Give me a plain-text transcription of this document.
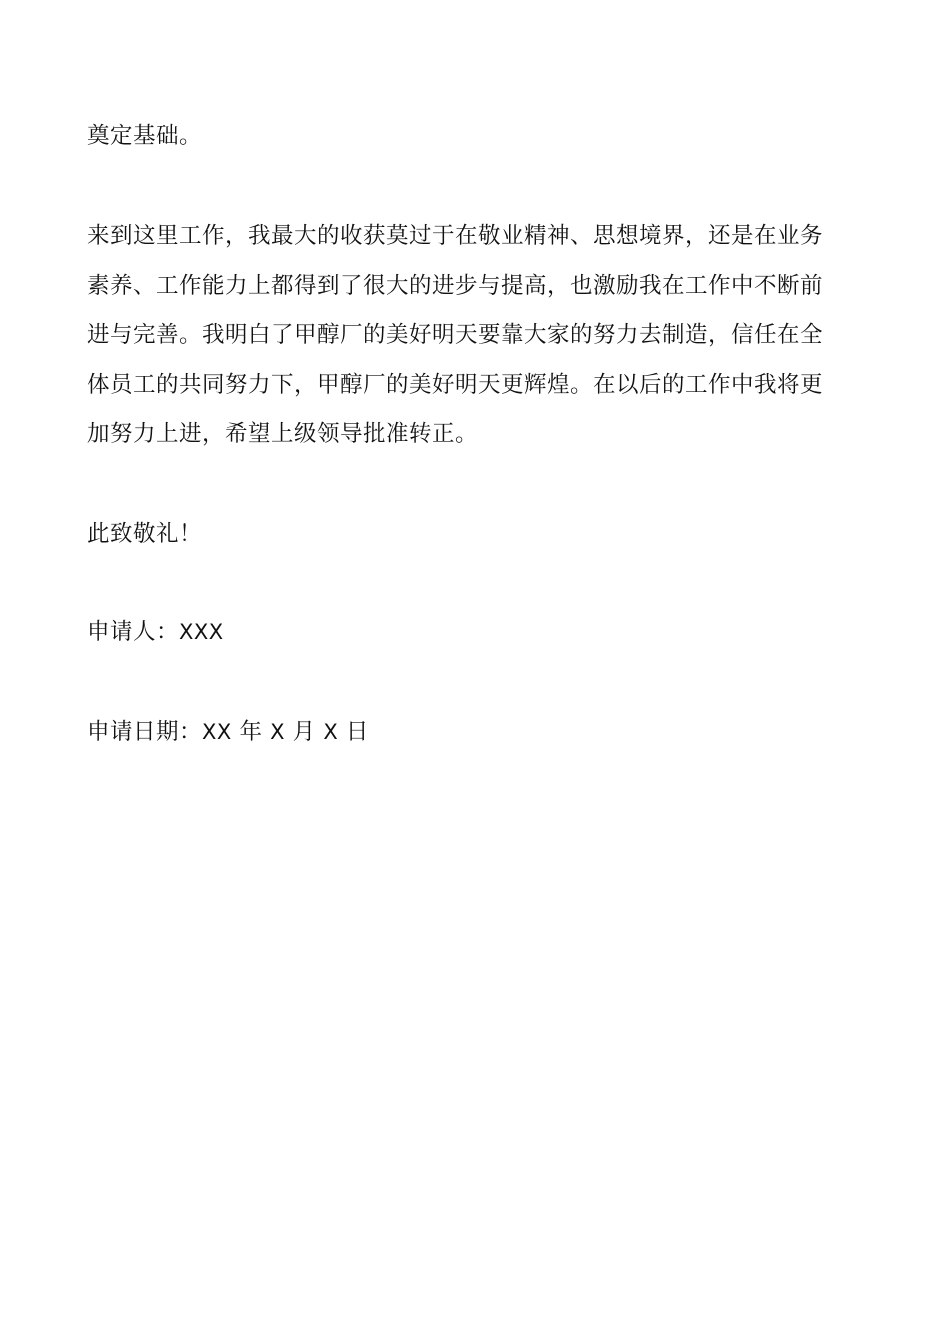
奠定基础。

来到这里工作，我最大的收获莫过于在敬业精神、思想境界，还是在业务
素养、工作能力上都得到了很大的进步与提高，也激励我在工作中不断前
进与完善。我明白了甲醇厂的美好明天要靠大家的努力去制造，信任在全
体员工的共同努力下，甲醇厂的美好明天更辉煌。在以后的工作中我将更
加努力上进，希望上级领导批准转正。

此致敬礼！

申请人：XXX

申请日期：XX 年 X 月 X 日
